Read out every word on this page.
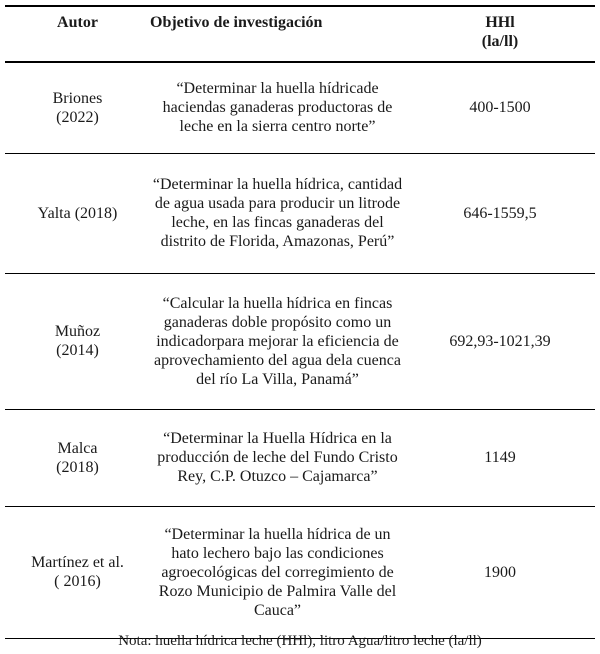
Autor	Objetivo de investigación	HHl
(la/ll)

Briones (2022)	“Determinar la huella hídricade haciendas ganaderas productoras de leche en la sierra centro norte”	400-1500
Yalta (2018)	“Determinar la huella hídrica, cantidad de agua usada para producir un litrode leche, en las fincas ganaderas del distrito de Florida, Amazonas, Perú”	646-1559,5
Muñoz (2014)	“Calcular la huella hídrica en fincas ganaderas doble propósito como un indicadorpara mejorar la eficiencia de aprovechamiento del agua dela cuenca del río La Villa, Panamá”	692,93-1021,39
Malca (2018)	“Determinar la Huella Hídrica en la producción de leche del Fundo Cristo Rey, C.P. Otuzco – Cajamarca”	1149
Martínez et al. ( 2016)	“Determinar la huella hídrica de un hato lechero bajo las condiciones agroecológicas del corregimiento de Rozo Municipio de Palmira Valle del Cauca”	1900
Nota: huella hídrica leche (HHl), litro Agua/litro leche (la/ll)
